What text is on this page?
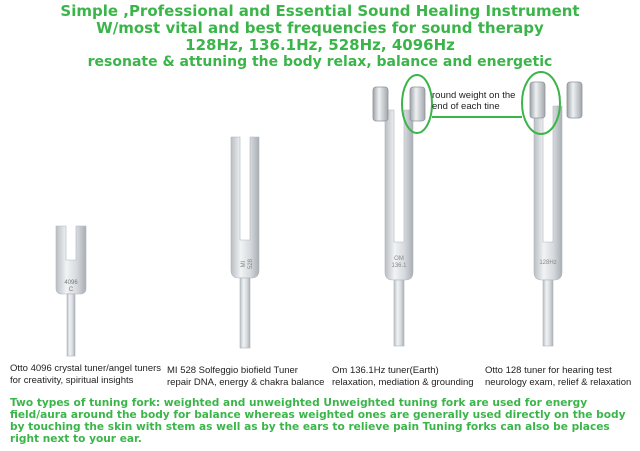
Simple ,Professional and Essential Sound Healing Instrument
W/most vital and best frequencies for sound therapy
128Hz, 136.1Hz, 528Hz, 4096Hz
resonate & attuning the body relax, balance and energetic
4096
C
MI 528	OM
136.1	128Hz
round weight on the
end of each tine
Otto 4096 crystal tuner/angel tuners
for creativity, spiritual insights
MI 528 Solfeggio biofield Tuner
repair DNA, energy & chakra balance
Om 136.1Hz tuner(Earth)
relaxation, mediation & grounding
Otto 128 tuner for hearing test
neurology exam, relief & relaxation
Two types of tuning fork: weighted and unweighted Unweighted tuning fork are used for energy field/aura around the body for balance whereas weighted ones are generally used directly on the body by touching the skin with stem as well as by the ears to relieve pain Tuning forks can also be places right next to your ear.
